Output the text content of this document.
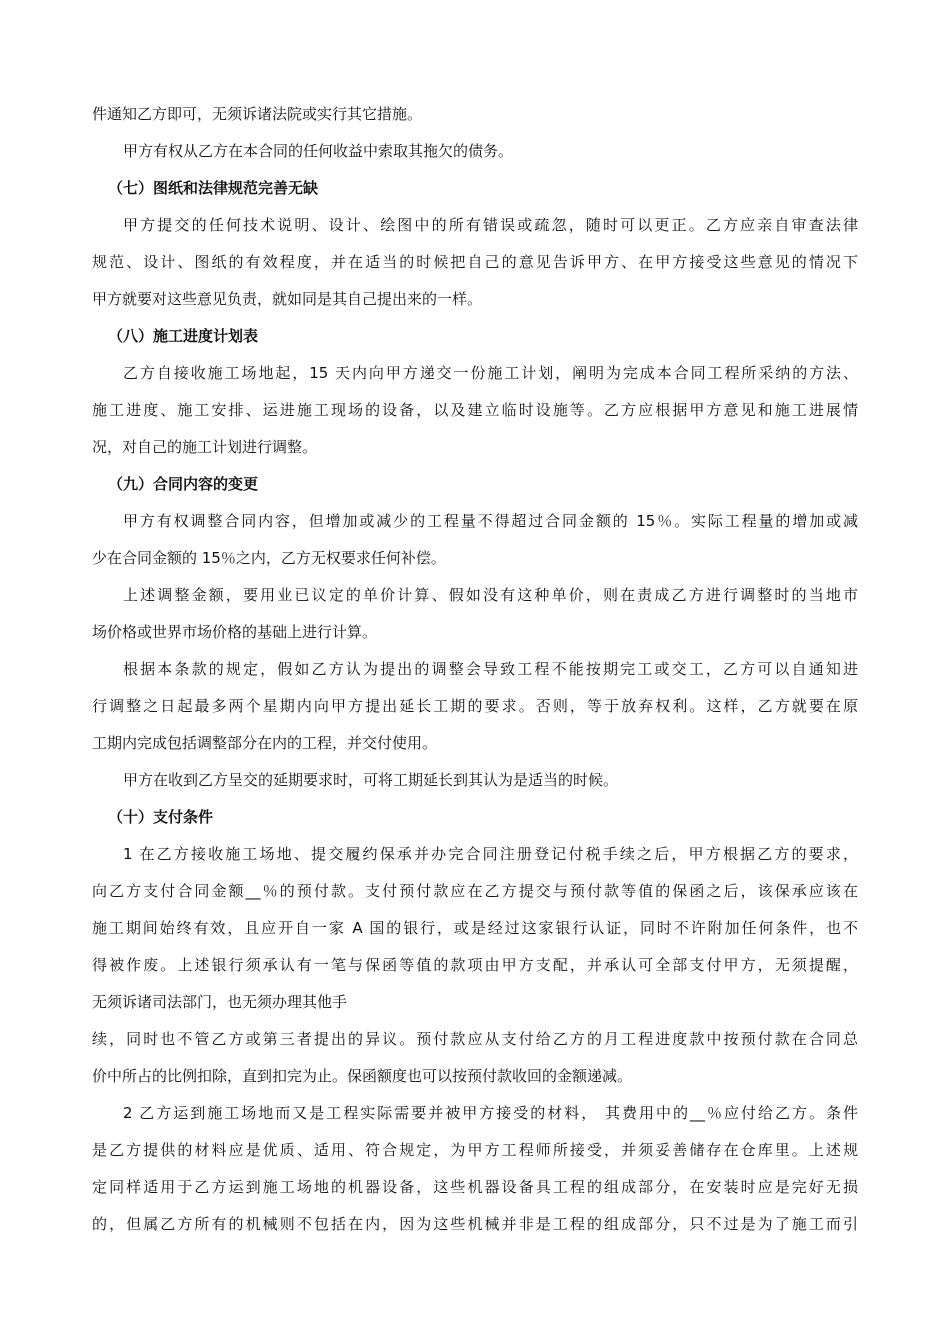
件通知乙方即可，无须诉诸法院或实行其它措施。
甲方有权从乙方在本合同的任何收益中索取其拖欠的债务。
（七）图纸和法律规范完善无缺
甲方提交的任何技术说明、设计、绘图中的所有错误或疏忽，随时可以更正。乙方应亲自审查法律
规范、设计、图纸的有效程度，并在适当的时候把自己的意见告诉甲方、在甲方接受这些意见的情况下
甲方就要对这些意见负责，就如同是其自己提出来的一样。
（八）施工进度计划表
乙方自接收施工场地起，15 天内向甲方递交一份施工计划，阐明为完成本合同工程所采纳的方法、
施工进度、施工安排、运进施工现场的设备，以及建立临时设施等。乙方应根据甲方意见和施工进展情
况，对自己的施工计划进行调整。
（九）合同内容的变更
甲方有权调整合同内容，但增加或减少的工程量不得超过合同金额的 15％。实际工程量的增加或减
少在合同金额的 15％之内，乙方无权要求任何补偿。
上述调整金额，要用业已议定的单价计算、假如没有这种单价，则在责成乙方进行调整时的当地市
场价格或世界市场价格的基础上进行计算。
根据本条款的规定，假如乙方认为提出的调整会导致工程不能按期完工或交工，乙方可以自通知进
行调整之日起最多两个星期内向甲方提出延长工期的要求。否则，等于放弃权利。这样，乙方就要在原
工期内完成包括调整部分在内的工程，并交付使用。
甲方在收到乙方呈交的延期要求时，可将工期延长到其认为是适当的时候。
（十）支付条件
1 在乙方接收施工场地、提交履约保承并办完合同注册登记付税手续之后，甲方根据乙方的要求，
向乙方支付合同金额__％的预付款。支付预付款应在乙方提交与预付款等值的保函之后，该保承应该在
施工期间始终有效，且应开自一家 A 国的银行，或是经过这家银行认证，同时不许附加任何条件，也不
得被作废。上述银行须承认有一笔与保函等值的款项由甲方支配，并承认可全部支付甲方，无须提醒，
无须诉诸司法部门，也无须办理其他手
续，同时也不管乙方或第三者提出的异议。预付款应从支付给乙方的月工程进度款中按预付款在合同总
价中所占的比例扣除，直到扣完为止。保函额度也可以按预付款收回的金额递减。
2 乙方运到施工场地而又是工程实际需要并被甲方接受的材料， 其费用中的__％应付给乙方。条件
是乙方提供的材料应是优质、适用、符合规定，为甲方工程师所接受，并须妥善储存在仓库里。上述规
定同样适用于乙方运到施工场地的机器设备，这些机器设备具工程的组成部分，在安装时应是完好无损
的，但属乙方所有的机械则不包括在内，因为这些机械并非是工程的组成部分，只不过是为了施工而引
